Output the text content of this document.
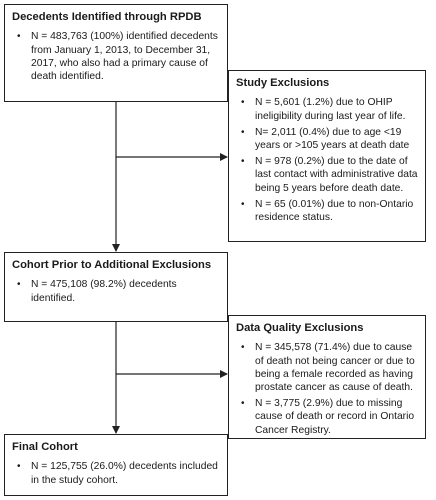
Decedents Identified through RPDB
• N = 483,763 (100%) identified decedents from January 1, 2013, to December 31, 2017, who also had a primary cause of death identified.
Study Exclusions
• N = 5,601 (1.2%) due to OHIP ineligibility during last year of life.
• N= 2,011 (0.4%) due to age <19 years or >105 years at death date
• N = 978 (0.2%) due to the date of last contact with administrative data being 5 years before death date.
• N = 65 (0.01%) due to non-Ontario residence status.
Cohort Prior to Additional Exclusions
• N = 475,108 (98.2%) decedents identified.
Data Quality Exclusions
• N = 345,578 (71.4%) due to cause of death not being cancer or due to being a female recorded as having prostate cancer as cause of death.
• N = 3,775 (2.9%) due to missing cause of death or record in Ontario Cancer Registry.
Final Cohort
• N = 125,755 (26.0%) decedents included in the study cohort.
